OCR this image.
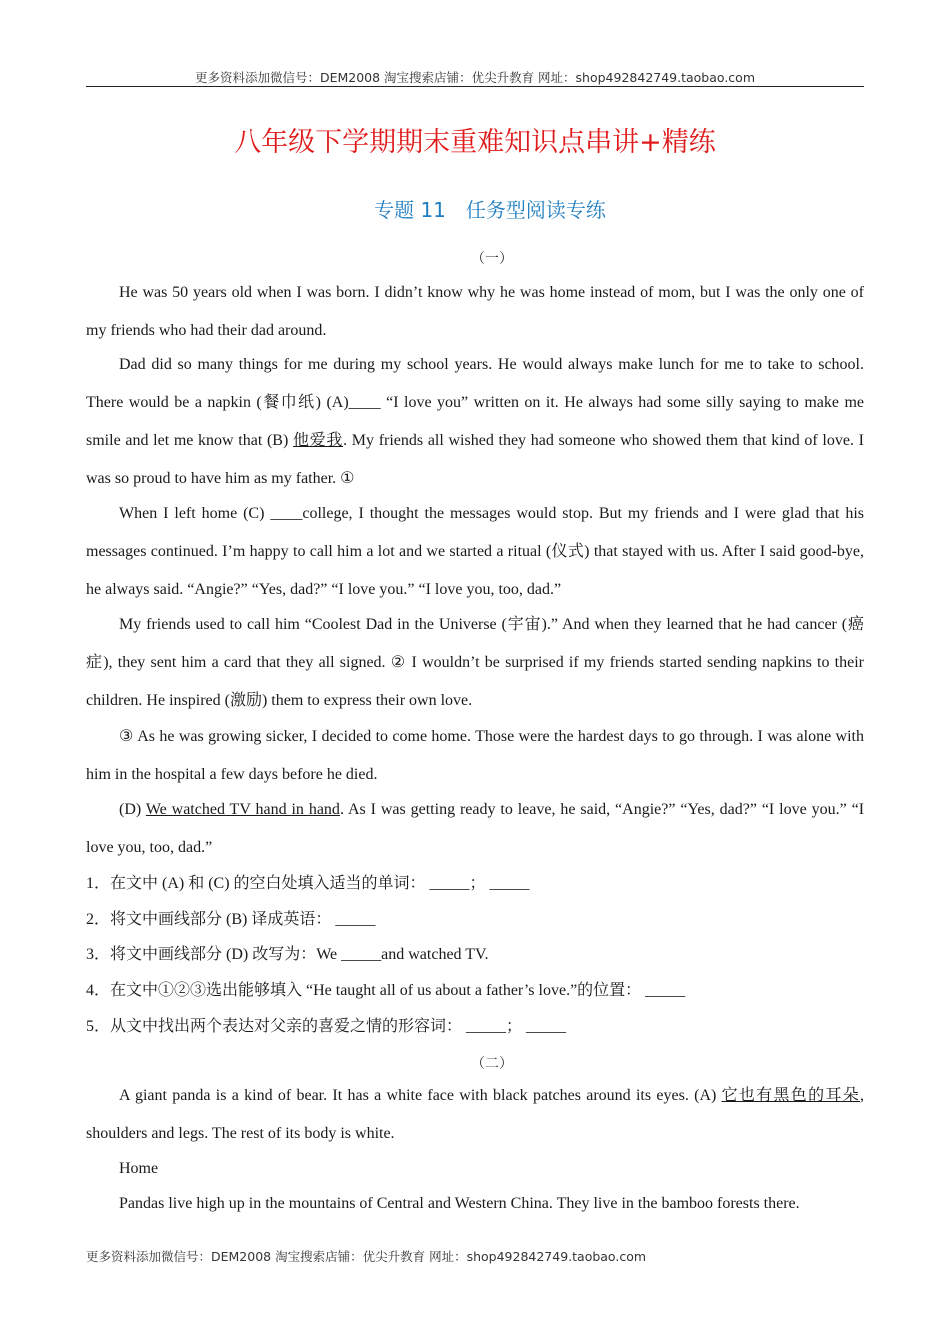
更多资料添加微信号：DEM2008 淘宝搜索店铺：优尖升教育 网址：shop492842749.taobao.com
八年级下学期期末重难知识点串讲+精练
专题 11　任务型阅读专练
（一）

He was 50 years old when I was born. I didn’t know why he was home instead of mom, but I was the only one of my friends who had their dad around.

Dad did so many things for me during my school years. He would always make lunch for me to take to school. There would be a napkin (餐巾纸) (A)____ “I love you” written on it. He always had some silly saying to make me smile and let me know that (B) 他爱我. My friends all wished they had someone who showed them that kind of love. I was so proud to have him as my father. ①

When I left home (C) ____college, I thought the messages would stop. But my friends and I were glad that his messages continued. I’m happy to call him a lot and we started a ritual (仪式) that stayed with us. After I said good-bye, he always said. “Angie?” “Yes, dad?” “I love you.” “I love you, too, dad.”

My friends used to call him “Coolest Dad in the Universe (宇宙).” And when they learned that he had cancer (癌症), they sent him a card that they all signed. ② I wouldn’t be surprised if my friends started sending napkins to their children. He inspired (激励) them to express their own love.

③ As he was growing sicker, I decided to come home. Those were the hardest days to go through. I was alone with him in the hospital a few days before he died.

(D) We watched TV hand in hand. As I was getting ready to leave, he said, “Angie?” “Yes, dad?” “I love you.” “I love you, too, dad.”

1．在文中 (A) 和 (C) 的空白处填入适当的单词： _____； _____
2．将文中画线部分 (B) 译成英语： _____
3．将文中画线部分 (D) 改写为：We _____and watched TV.
4．在文中①②③选出能够填入 “He taught all of us about a father’s love.”的位置： _____
5．从文中找出两个表达对父亲的喜爱之情的形容词： _____； _____
（二）

A giant panda is a kind of bear. It has a white face with black patches around its eyes. (A) 它也有黑色的耳朵, shoulders and legs. The rest of its body is white.

Home

Pandas live high up in the mountains of Central and Western China. They live in the bamboo forests there.

更多资料添加微信号：DEM2008 淘宝搜索店铺：优尖升教育 网址：shop492842749.taobao.com
